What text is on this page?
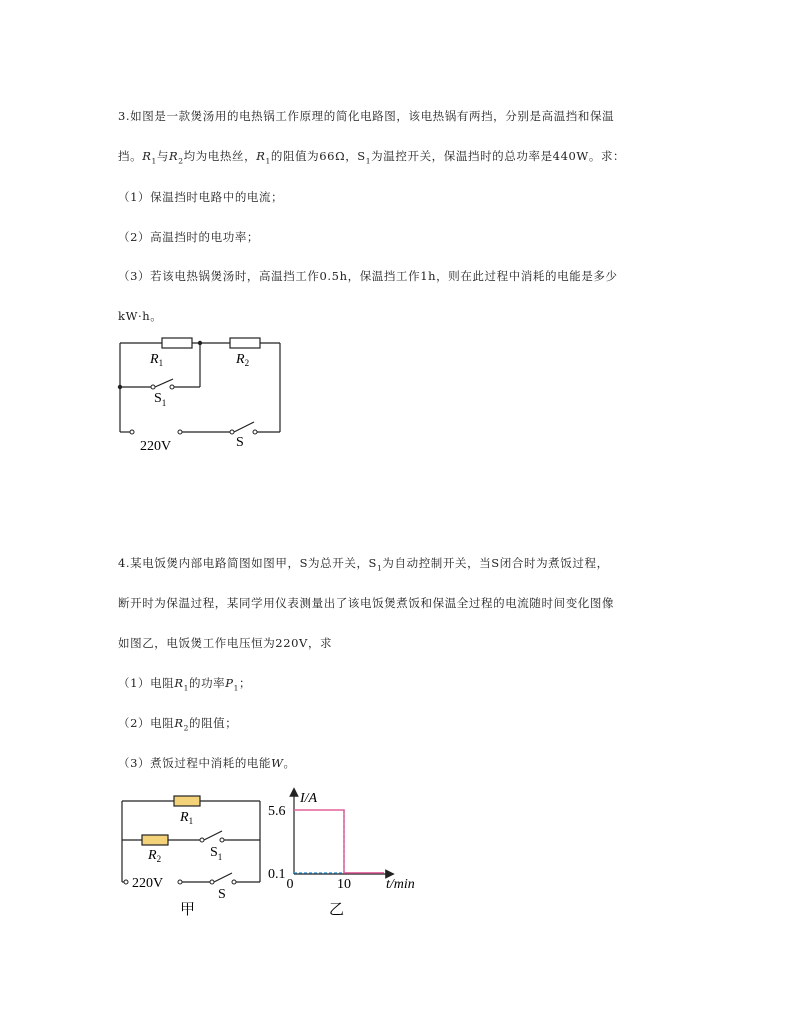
3.如图是一款煲汤用的电热锅工作原理的简化电路图，该电热锅有两挡，分别是高温挡和保温
挡。$R_1$与$R_2$均为电热丝，$R_1$的阻值为66Ω，$S_1$为温控开关，保温挡时的总功率是440W。求：
（1）保温挡时电路中的电流；
（2）高温挡时的电功率；
（3）若该电热锅煲汤时，高温挡工作0.5h，保温挡工作1h，则在此过程中消耗的电能是多少
kW·h。
$R_1$	$R_2$
$S_1$
220V	S
4.某电饭煲内部电路简图如图甲，S为总开关，$S_1$为自动控制开关，当S闭合时为煮饭过程，
断开时为保温过程，某同学用仪表测量出了该电饭煲煮饭和保温全过程的电流随时间变化图像
如图乙，电饭煲工作电压恒为220V，求
（1）电阻$R_1$的功率$P_1$；
（2）电阻$R_2$的阻值；
（3）煮饭过程中消耗的电能W。
$R_1$
$R_2$	$S_1$
220V
S
甲
I/A
t/min
乙
5.6
0.1
0	10
